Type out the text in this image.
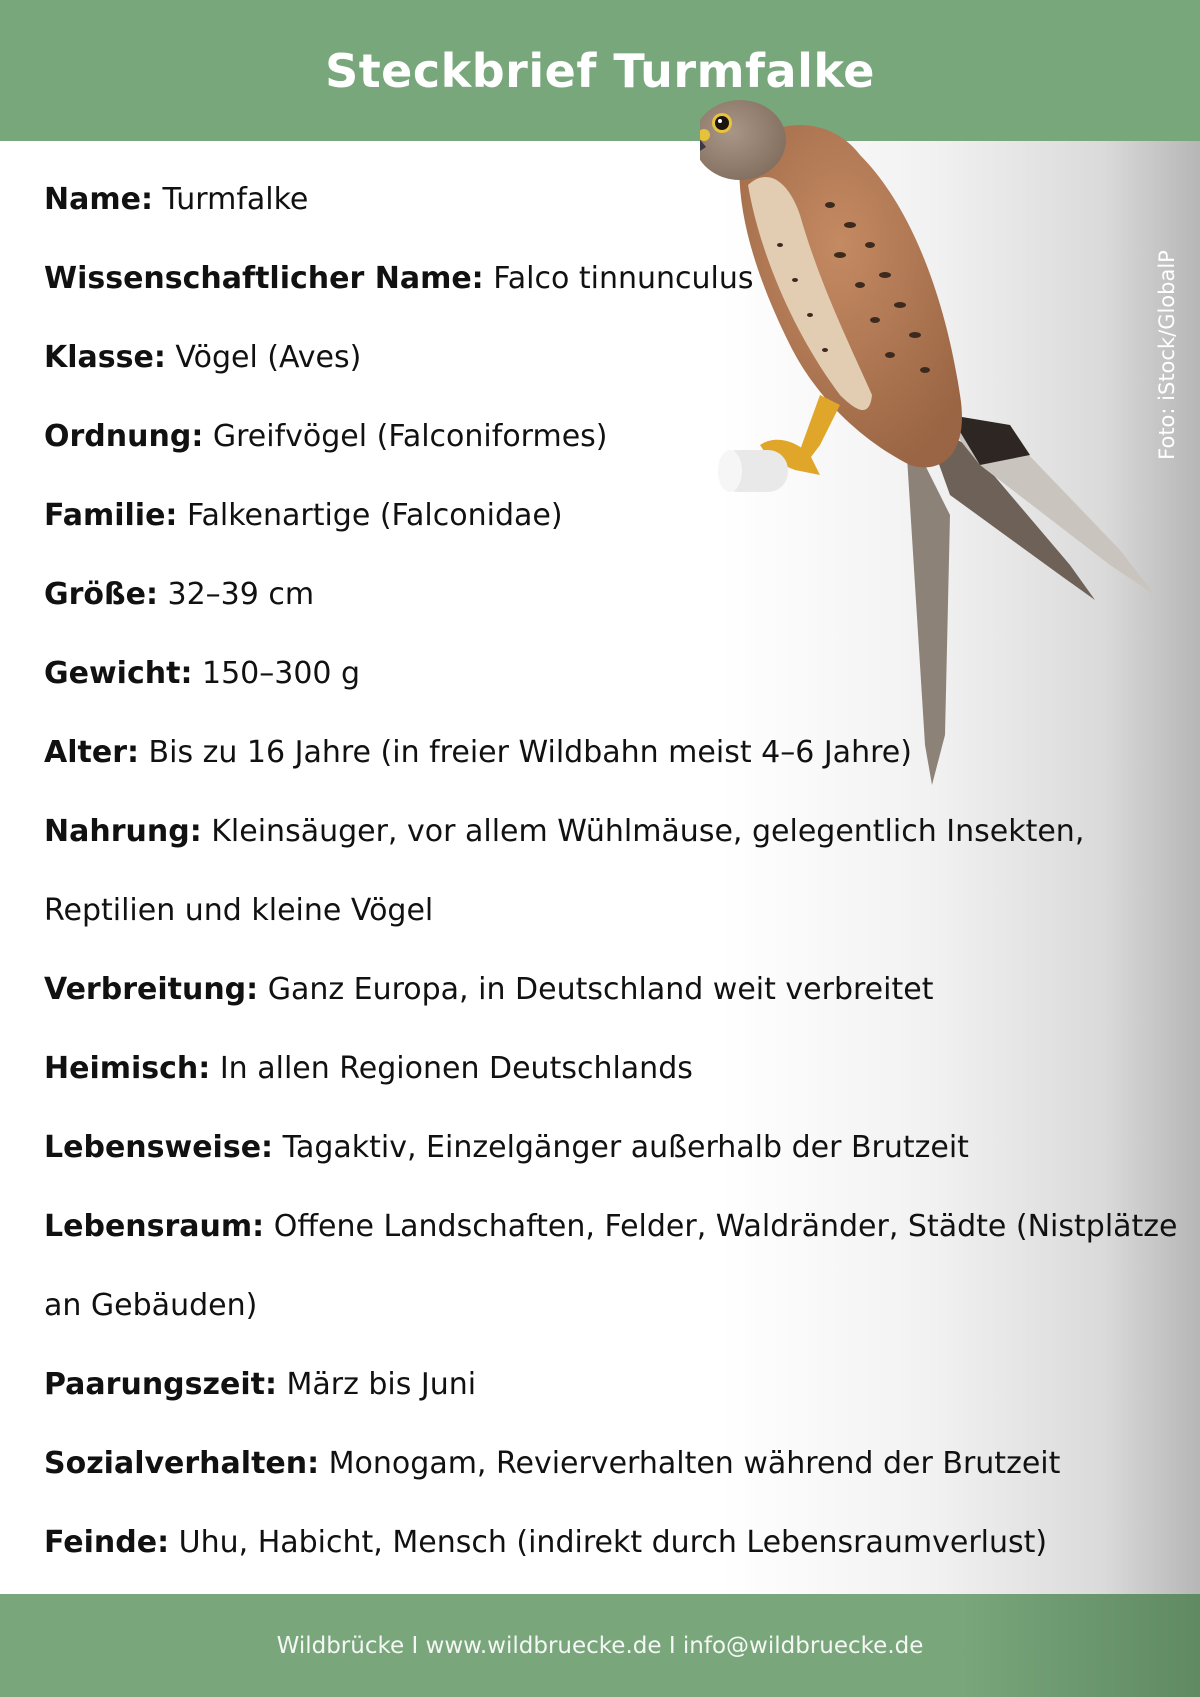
Steckbrief Turmfalke
Foto: iStock/GlobalP
Name: Turmfalke
Wissenschaftlicher Name: Falco tinnunculus
Klasse: Vögel (Aves)
Ordnung: Greifvögel (Falconiformes)
Familie: Falkenartige (Falconidae)
Größe: 32–39 cm
Gewicht: 150–300 g
Alter: Bis zu 16 Jahre (in freier Wildbahn meist 4–6 Jahre)
Nahrung: Kleinsäuger, vor allem Wühlmäuse, gelegentlich Insekten, Reptilien und kleine Vögel
Verbreitung: Ganz Europa, in Deutschland weit verbreitet
Heimisch: In allen Regionen Deutschlands
Lebensweise: Tagaktiv, Einzelgänger außerhalb der Brutzeit
Lebensraum: Offene Landschaften, Felder, Waldränder, Städte (Nistplätze an Gebäuden)
Paarungszeit: März bis Juni
Sozialverhalten: Monogam, Revierverhalten während der Brutzeit
Feinde: Uhu, Habicht, Mensch (indirekt durch Lebensraumverlust)
Wildbrücke I www.wildbruecke.de I info@wildbruecke.de
